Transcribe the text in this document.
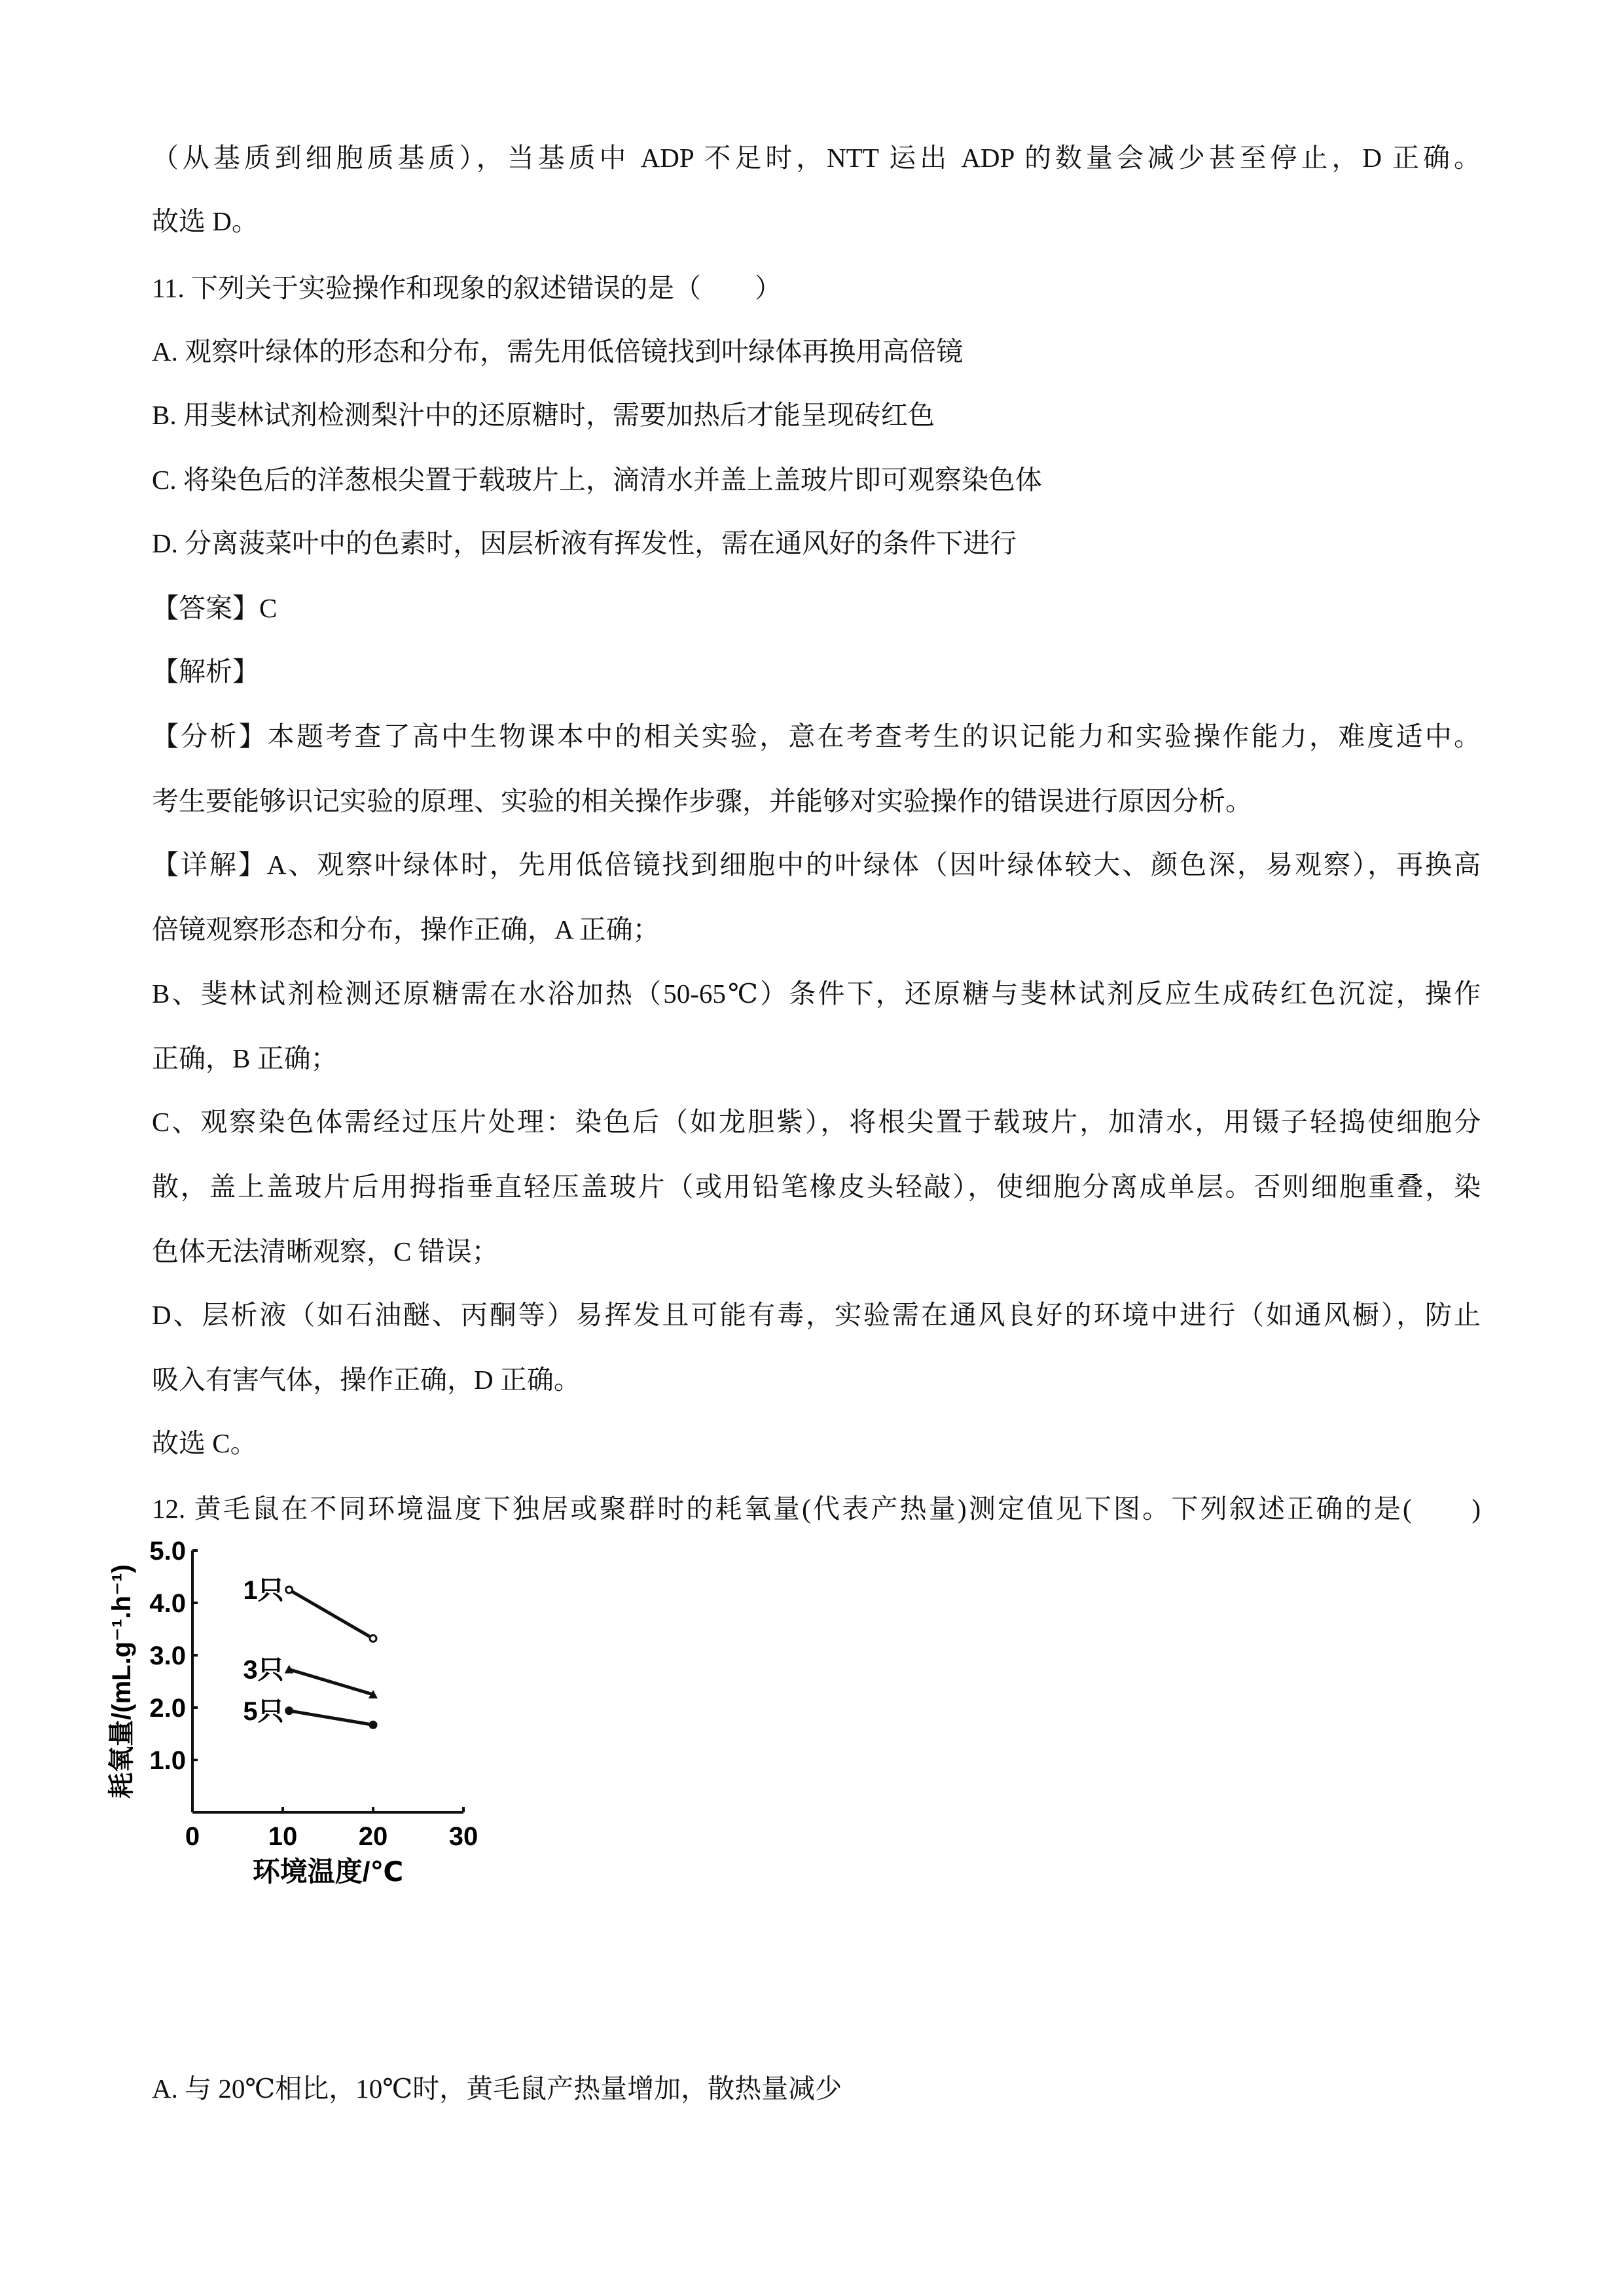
（从基质到细胞质基质），当基质中 ADP 不足时，NTT 运出 ADP 的数量会减少甚至停止，D 正确。
故选 D。
11. 下列关于实验操作和现象的叙述错误的是（　　）
A. 观察叶绿体的形态和分布，需先用低倍镜找到叶绿体再换用高倍镜
B. 用斐林试剂检测梨汁中的还原糖时，需要加热后才能呈现砖红色
C. 将染色后的洋葱根尖置于载玻片上，滴清水并盖上盖玻片即可观察染色体
D. 分离菠菜叶中的色素时，因层析液有挥发性，需在通风好的条件下进行
【答案】C
【解析】
【分析】本题考查了高中生物课本中的相关实验，意在考查考生的识记能力和实验操作能力，难度适中。
考生要能够识记实验的原理、实验的相关操作步骤，并能够对实验操作的错误进行原因分析。
【详解】A、观察叶绿体时，先用低倍镜找到细胞中的叶绿体（因叶绿体较大、颜色深，易观察），再换高
倍镜观察形态和分布，操作正确，A 正确；
B、斐林试剂检测还原糖需在水浴加热（50-65℃）条件下，还原糖与斐林试剂反应生成砖红色沉淀，操作
正确，B 正确；
C、观察染色体需经过压片处理：染色后（如龙胆紫），将根尖置于载玻片，加清水，用镊子轻捣使细胞分
散，盖上盖玻片后用拇指垂直轻压盖玻片（或用铅笔橡皮头轻敲），使细胞分离成单层。否则细胞重叠，染
色体无法清晰观察，C 错误；
D、层析液（如石油醚、丙酮等）易挥发且可能有毒，实验需在通风良好的环境中进行（如通风橱），防止
吸入有害气体，操作正确，D 正确。
故选 C。
12. 黄毛鼠在不同环境温度下独居或聚群时的耗氧量(代表产热量)测定值见下图。下列叙述正确的是(　　)
A. 与 20℃相比，10℃时，黄毛鼠产热量增加，散热量减少
1.0
2.0
3.0
4.0
5.0
0	10 20 30
环境温度/℃
耗氧量/(mL.g⁻¹.h⁻¹)	1只
3只
5只
